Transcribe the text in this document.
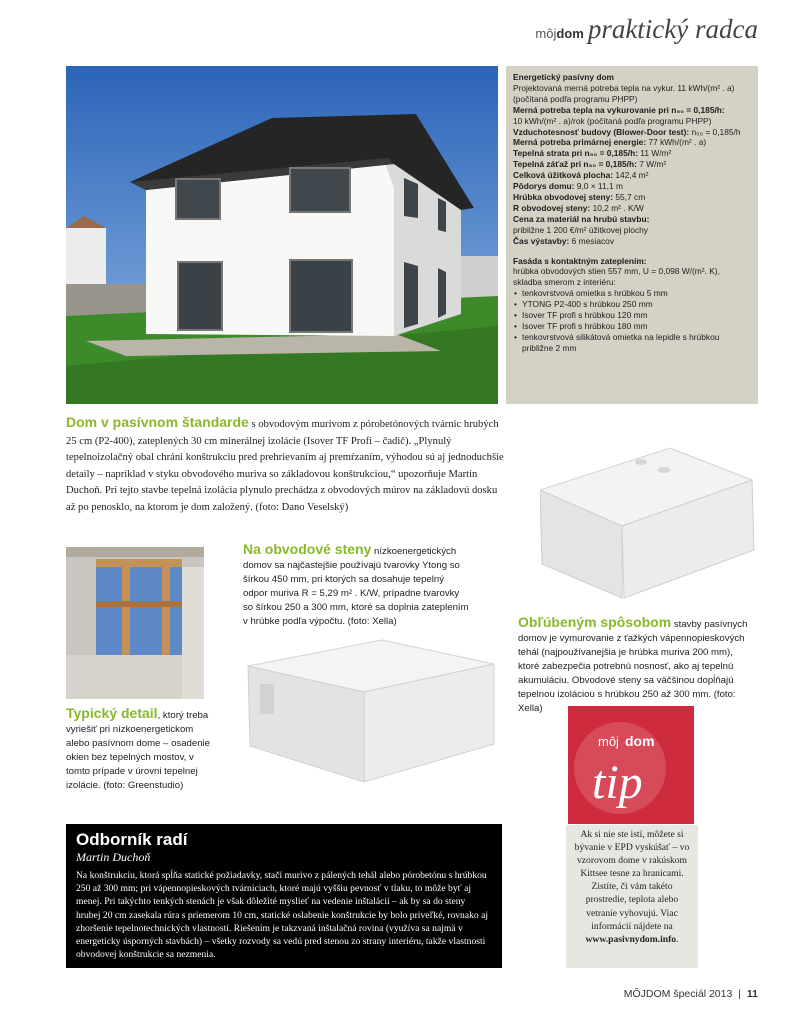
môj dom praktický radca
Energetický pasívny dom
Projektovaná merná potreba tepla na vykur. 11 kWh/(m² . a)
(počítaná podľa programu PHPP)
Merná potreba tepla na vykurovanie pri n₅₀ = 0,185/h:
10 kWh/(m² . a)/rok (počítaná podľa programu PHPP)
Vzduchotesnosť budovy (Blower-Door test): n₅₀ = 0,185/h
Merná potreba primárnej energie: 77 kWh/(m² . a)
Tepelná strata pri n₅₀ = 0,185/h: 11 W/m²
Tepelná záťaž pri n₅₀ = 0,185/h: 7 W/m²
Celková úžitková plocha: 142,4 m²
Pôdorys domu: 9,0 × 11,1 m
Hrúbka obvodovej steny: 55,7 cm
R obvodovej steny: 10,2 m² . K/W
Cena za materiál na hrubú stavbu:
približne 1 200 €/m² úžitkovej plochy
Čas výstavby: 6 mesiacov
Fasáda s kontaktným zateplením:
hrúbka obvodových stien 557 mm, U = 0,098 W/(m². K),
skladba smerom z interiéru:
• tenkovrstvová omietka s hrúbkou 5 mm
• YTONG P2-400 s hrúbkou 250 mm
• Isover TF profi s hrúbkou 120 mm
• Isover TF profi s hrúbkou 180 mm
• tenkovrstvová silikátová omietka na lepidle s hrúbkou približne 2 mm
Dom v pasívnom štandarde s obvodovým murivom z pórobetónových tvárnic hrubých 25 cm (P2-400), zateplených 30 cm minerálnej izolácie (Isover TF Profi – čadič). „Plynulý tepelnoizolačný obal chráni konštrukciu pred prehrievaním aj premŕzaním, výhodou sú aj jednoduchšie detaily – napríklad v styku obvodového muriva so základovou konštrukciou,“ upozorňuje Martin Duchoň. Pri tejto stavbe tepelná izolácia plynulo prechádza z obvodových múrov na základovú dosku až po penosklo, na ktorom je dom založený. (foto: Dano Veselský)
Na obvodové steny nízkoenergetických domov sa najčastejšie používajú tvarovky Ytong so šírkou 450 mm, pri ktorých sa dosahuje tepelný odpor muriva R = 5,29 m² . K/W, prípadne tvarovky so šírkou 250 a 300 mm, ktoré sa doplnia zateplením v hrúbke podľa výpočtu. (foto: Xella)	Obľúbeným spôsobom stavby pasívnych domov je vymurovanie z ťažkých vápennopieskových tehál (najpoužívanejšia je hrúbka muriva 200 mm), ktoré zabezpečia potrebnú nosnosť, ako aj tepelnú akumuláciu. Obvodové steny sa väčšinou dopĺňajú tepelnou izoláciou s hrúbkou 250 až 300 mm. (foto: Xella)
Typický detail, ktorý treba vyriešiť pri nízkoenergetickom alebo pasívnom dome – osadenie okien bez tepelných mostov, v tomto prípade v úrovni tepelnej izolácie. (foto: Greenstudio)
Odborník radí
Martin Duchoň
Na konštrukciu, ktorá spĺňa statické požiadavky, stačí murivo z pálených tehál alebo pórobetónu s hrúbkou 250 až 300 mm; pri vápennopieskových tvárniciach, ktoré majú vyššiu pevnosť v tlaku, to môže byť aj menej. Pri takýchto tenkých stenách je však dôležité myslieť na vedenie inštalácií – ak by sa do steny hrubej 20 cm zasekala rúra s priemerom 10 cm, statické oslabenie konštrukcie by bolo priveľké, rovnako aj zhoršenie tepelnotechnických vlastností. Riešením je takzvaná inštalačná rovina (využíva sa najmä v energeticky úsporných stavbách) – všetky rozvody sa vedú pred stenou zo strany interiéru, takže vlastnosti obvodovej konštrukcie sa nezmenia.
môj dom
tip
Ak si nie ste istí, môžete si bývanie v EPD vyskúšať – vo vzorovom dome v rakúskom Kittsee tesne za hranicami. Zistíte, či vám takéto prostredie, teplota alebo vetranie vyhovujú. Viac informácií nájdete na www.pasivnydom.info.
MÔJDOM špeciál 2013 | 11
